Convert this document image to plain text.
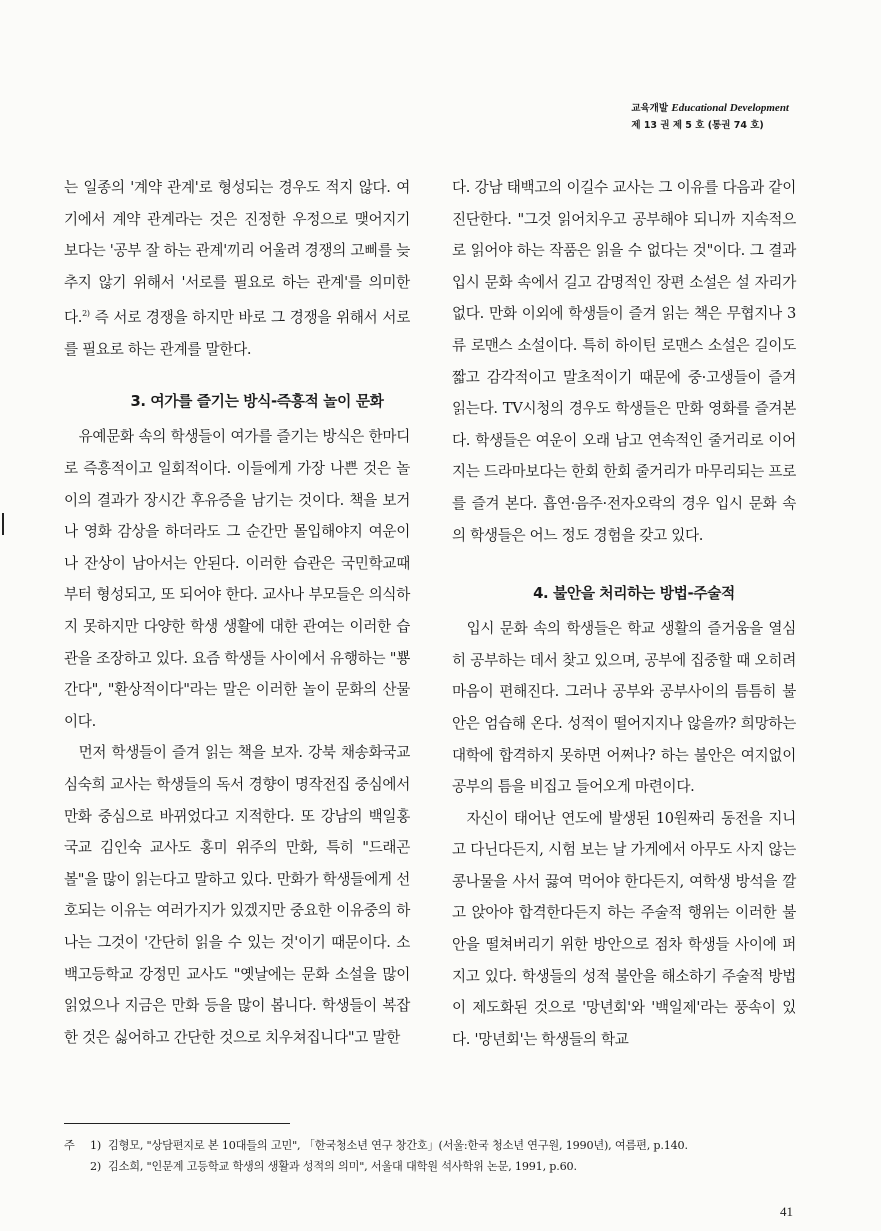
교육개발 Educational Development
제 13 권 제 5 호 (통권 74 호)

는 일종의 '계약 관계'로 형성되는 경우도 적지 않다. 여기에서 계약 관계라는 것은 진정한 우정으로 맺어지기 보다는 '공부 잘 하는 관계'끼리 어울려 경쟁의 고삐를 늦추지 않기 위해서 '서로를 필요로 하는 관계'를 의미한다.$^{2)}$ 즉 서로 경쟁을 하지만 바로 그 경쟁을 위해서 서로를 필요로 하는 관계를 말한다.

3. 여가를 즐기는 방식-즉흥적 놀이 문화

유예문화 속의 학생들이 여가를 즐기는 방식은 한마디로 즉흥적이고 일회적이다. 이들에게 가장 나쁜 것은 놀이의 결과가 장시간 후유증을 남기는 것이다. 책을 보거나 영화 감상을 하더라도 그 순간만 몰입해야지 여운이나 잔상이 남아서는 안된다. 이러한 습관은 국민학교때부터 형성되고, 또 되어야 한다. 교사나 부모들은 의식하지 못하지만 다양한 학생 생활에 대한 관여는 이러한 습관을 조장하고 있다. 요즘 학생들 사이에서 유행하는 "뿅 간다", "환상적이다"라는 말은 이러한 놀이 문화의 산물이다.

먼저 학생들이 즐겨 읽는 책을 보자. 강북 채송화국교 심숙희 교사는 학생들의 독서 경향이 명작전집 중심에서 만화 중심으로 바뀌었다고 지적한다. 또 강남의 백일홍국교 김인숙 교사도 홍미 위주의 만화, 특히 "드래곤 볼"을 많이 읽는다고 말하고 있다. 만화가 학생들에게 선호되는 이유는 여러가지가 있겠지만 중요한 이유중의 하나는 그것이 '간단히 읽을 수 있는 것'이기 때문이다. 소백고등학교 강정민 교사도 "옛날에는 문화 소설을 많이 읽었으나 지금은 만화 등을 많이 봅니다. 학생들이 복잡한 것은 싫어하고 간단한 것으로 치우쳐집니다"고 말한

다. 강남 태백고의 이길수 교사는 그 이유를 다음과 같이 진단한다. "그것 읽어치우고 공부해야 되니까 지속적으로 읽어야 하는 작품은 읽을 수 없다는 것"이다. 그 결과 입시 문화 속에서 길고 감명적인 장편 소설은 설 자리가 없다. 만화 이외에 학생들이 즐겨 읽는 책은 무협지나 3류 로맨스 소설이다. 특히 하이틴 로맨스 소설은 길이도 짧고 감각적이고 말초적이기 때문에 중·고생들이 즐겨 읽는다. TV시청의 경우도 학생들은 만화 영화를 즐겨본다. 학생들은 여운이 오래 남고 연속적인 줄거리로 이어지는 드라마보다는 한회 한회 줄거리가 마무리되는 프로를 즐겨 본다. 흡연·음주·전자오락의 경우 입시 문화 속의 학생들은 어느 정도 경험을 갖고 있다.

4. 불안을 처리하는 방법-주술적

입시 문화 속의 학생들은 학교 생활의 즐거움을 열심히 공부하는 데서 찾고 있으며, 공부에 집중할 때 오히려 마음이 편해진다. 그러나 공부와 공부사이의 틈틈히 불안은 엄습해 온다. 성적이 떨어지지나 않을까? 희망하는 대학에 합격하지 못하면 어쩌나? 하는 불안은 여지없이 공부의 틈을 비집고 들어오게 마련이다.

자신이 태어난 연도에 발생된 10원짜리 동전을 지니고 다닌다든지, 시험 보는 날 가게에서 아무도 사지 않는 콩나물을 사서 끓여 먹어야 한다든지, 여학생 방석을 깔고 앉아야 합격한다든지 하는 주술적 행위는 이러한 불안을 떨쳐버리기 위한 방안으로 점차 학생들 사이에 퍼지고 있다. 학생들의 성적 불안을 해소하기 주술적 방법이 제도화된 것으로 '망년회'와 '백일제'라는 풍속이 있다. '망년회'는 학생들의 학교

주 1) 김형모, "상담편지로 본 10대들의 고민", 「한국청소년 연구 창간호」(서울:한국 청소년 연구원, 1990년), 여름편, p.140.
2) 김소희, "인문계 고등학교 학생의 생활과 성적의 의미", 서울대 대학원 석사학위 논문, 1991, p.60.
41
